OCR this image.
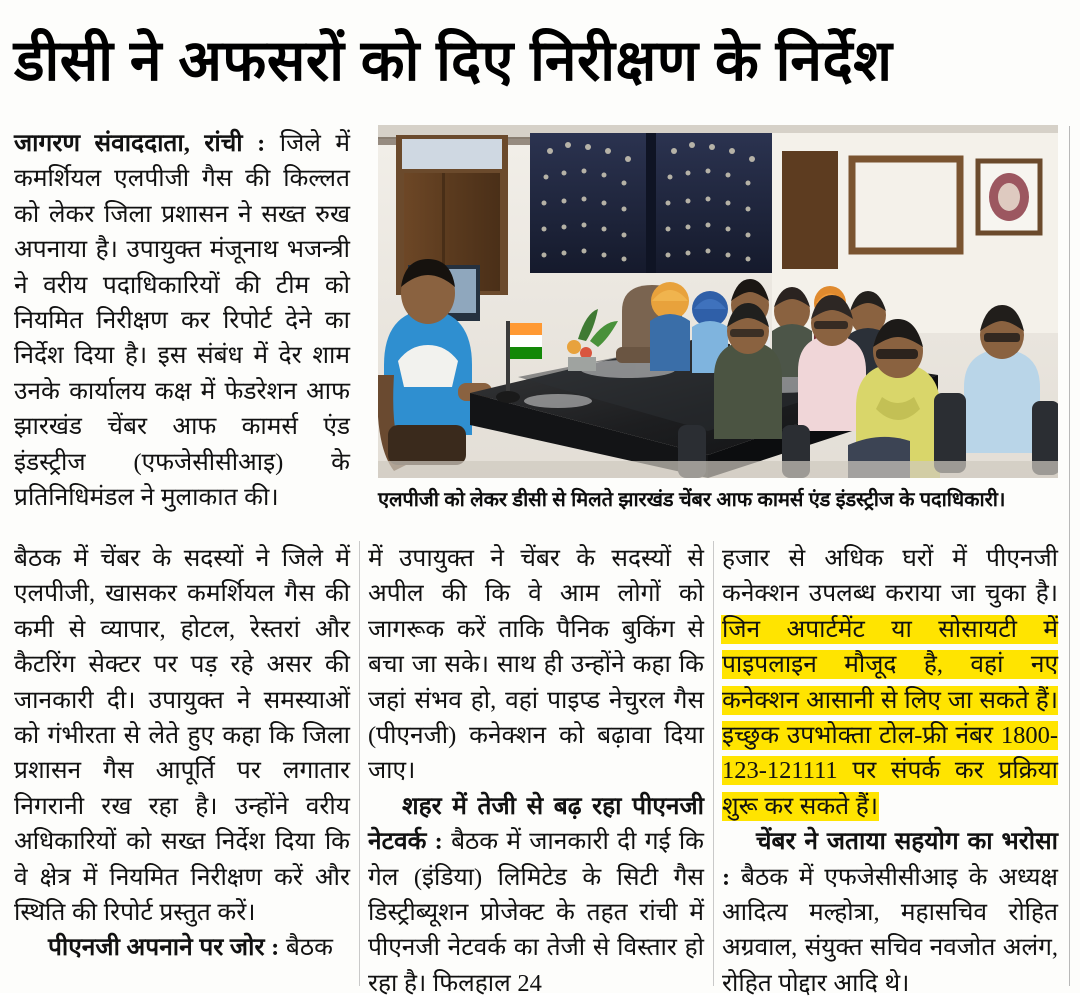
डीसी ने अफसरों को दिए निरीक्षण के निर्देश

जागरण संवाददाता, रांची : जिले में कमर्शियल एलपीजी गैस की किल्लत को लेकर जिला प्रशासन ने सख्त रुख अपनाया है। उपायुक्त मंजूनाथ भजन्त्री ने वरीय पदाधिकारियों की टीम को नियमित निरीक्षण कर रिपोर्ट देने का निर्देश दिया है। इस संबंध में देर शाम उनके कार्यालय कक्ष में फेडरेशन आफ झारखंड चेंबर आफ कामर्स एंड इंडस्ट्रीज (एफजेसीसीआइ) के प्रतिनिधिमंडल ने मुलाकात की।

बैठक में चेंबर के सदस्यों ने जिले में एलपीजी, खासकर कमर्शियल गैस की कमी से व्यापार, होटल, रेस्तरां और कैटरिंग सेक्टर पर पड़ रहे असर की जानकारी दी। उपायुक्त ने समस्याओं को गंभीरता से लेते हुए कहा कि जिला प्रशासन गैस आपूर्ति पर लगातार निगरानी रख रहा है। उन्होंने वरीय अधिकारियों को सख्त निर्देश दिया कि वे क्षेत्र में नियमित निरीक्षण करें और स्थिति की रिपोर्ट प्रस्तुत करें।

पीएनजी अपनाने पर जोर : बैठक

में उपायुक्त ने चेंबर के सदस्यों से अपील की कि वे आम लोगों को जागरूक करें ताकि पैनिक बुकिंग से बचा जा सके। साथ ही उन्होंने कहा कि जहां संभव हो, वहां पाइप्ड नेचुरल गैस (पीएनजी) कनेक्शन को बढ़ावा दिया जाए।

शहर में तेजी से बढ़ रहा पीएनजी नेटवर्क : बैठक में जानकारी दी गई कि गेल (इंडिया) लिमिटेड के सिटी गैस डिस्ट्रीब्यूशन प्रोजेक्ट के तहत रांची में पीएनजी नेटवर्क का तेजी से विस्तार हो रहा है। फिलहाल 24

हजार से अधिक घरों में पीएनजी कनेक्शन उपलब्ध कराया जा चुका है। जिन अपार्टमेंट या सोसायटी में पाइपलाइन मौजूद है, वहां नए कनेक्शन आसानी से लिए जा सकते हैं। इच्छुक उपभोक्ता टोल-फ्री नंबर 1800-123-121111 पर संपर्क कर प्रक्रिया शुरू कर सकते हैं।

चेंबर ने जताया सहयोग का भरोसा : बैठक में एफजेसीसीआइ के अध्यक्ष आदित्य मल्होत्रा, महासचिव रोहित अग्रवाल, संयुक्त सचिव नवजोत अलंग, रोहित पोद्दार आदि थे।

एलपीजी को लेकर डीसी से मिलते झारखंड चेंबर आफ कामर्स एंड इंडस्ट्रीज के पदाधिकारी।
